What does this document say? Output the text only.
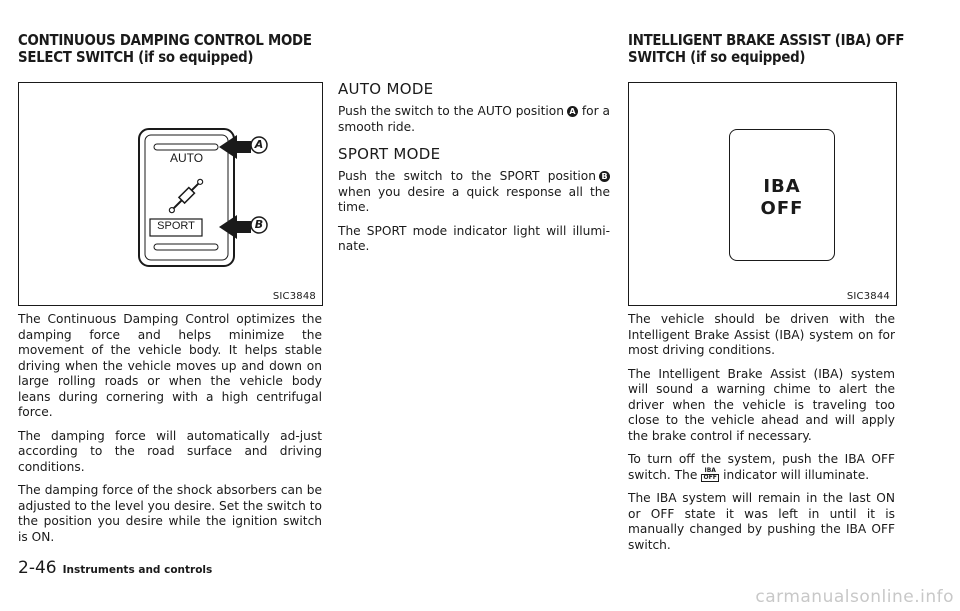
CONTINUOUS DAMPING CONTROL MODE
SELECT SWITCH (if so equipped)
AUTO
SPORT
A
B
SIC3848

The Continuous Damping Control optimizes the damping force and helps minimize the movement of the vehicle body. It helps stable driving when the vehicle moves up and down on large rolling roads or when the vehicle body leans during cornering with a high centrifugal force.

The damping force will automatically ad-just according to the road surface and driving conditions.

The damping force of the shock absorbers can be adjusted to the level you desire. Set the switch to the position you desire while the ignition switch is ON.

AUTO MODE

Push the switch to the AUTO position A for a smooth ride.

SPORT MODE

Push the switch to the SPORT position B when you desire a quick response all the time.

The SPORT mode indicator light will illumi-nate.

INTELLIGENT BRAKE ASSIST (IBA) OFF
SWITCH (if so equipped)
IBA
OFF
SIC3844

The vehicle should be driven with the Intelligent Brake Assist (IBA) system on for most driving conditions.

The Intelligent Brake Assist (IBA) system will sound a warning chime to alert the driver when the vehicle is traveling too close to the vehicle ahead and will apply the brake control if necessary.

To turn off the system, push the IBA OFF switch. The	IBA
OFF indicator will illuminate.

The IBA system will remain in the last ON or OFF state it was left in until it is manually changed by pushing the IBA OFF switch.

2-46 Instruments and controls
carmanualsonline.info
